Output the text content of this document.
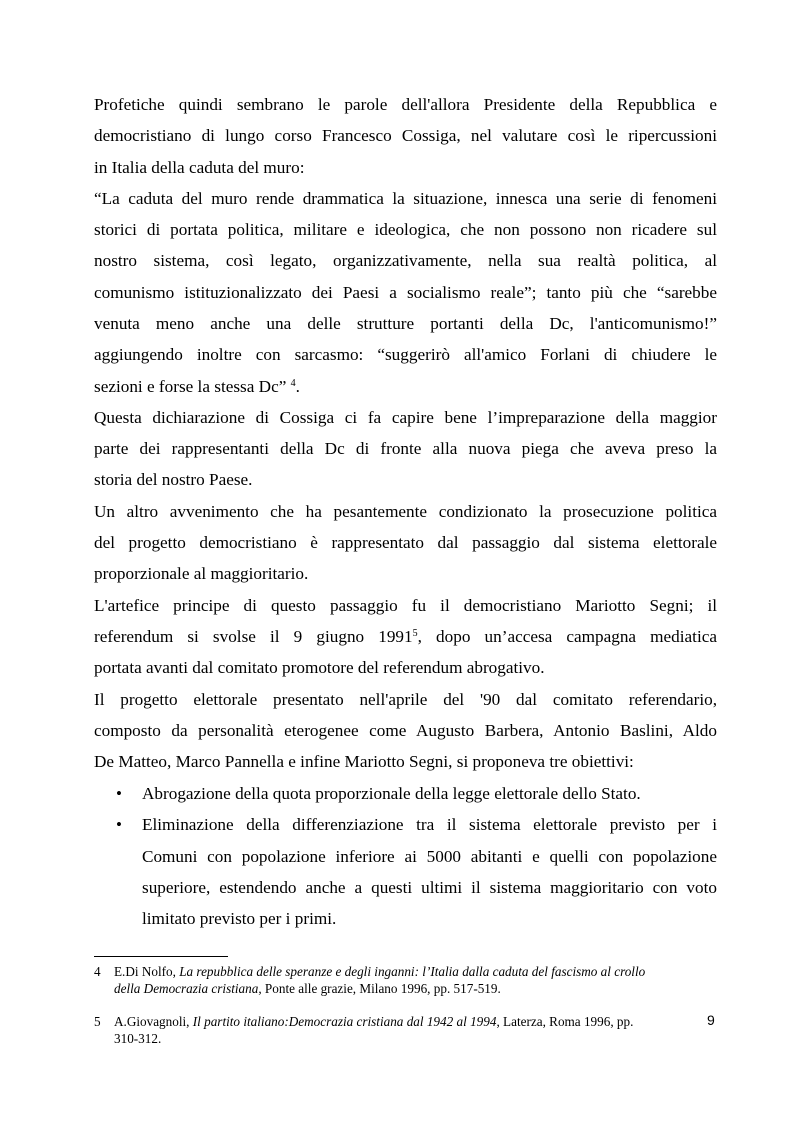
Profetiche quindi sembrano le parole dell'allora Presidente della Repubblica e
democristiano di lungo corso Francesco Cossiga, nel valutare così le ripercussioni
in Italia della caduta del muro:
“La caduta del muro rende drammatica la situazione, innesca una serie di fenomeni
storici di portata politica, militare e ideologica, che non possono non ricadere sul
nostro sistema, così legato, organizzativamente, nella sua realtà politica, al
comunismo istituzionalizzato dei Paesi a socialismo reale”; tanto più che “sarebbe
venuta meno anche una delle strutture portanti della Dc, l'anticomunismo!”
aggiungendo inoltre con sarcasmo: “suggerirò all'amico Forlani di chiudere le
sezioni e forse la stessa Dc” $^4$.
Questa dichiarazione di Cossiga ci fa capire bene l’impreparazione della maggior
parte dei rappresentanti della Dc di fronte alla nuova piega che aveva preso la
storia del nostro Paese.
Un altro avvenimento che ha pesantemente condizionato la prosecuzione politica
del progetto democristiano è rappresentato dal passaggio dal sistema elettorale
proporzionale al maggioritario.
L'artefice principe di questo passaggio fu il democristiano Mariotto Segni; il
referendum si svolse il 9 giugno 1991$^5$, dopo un’accesa campagna mediatica
portata avanti dal comitato promotore del referendum abrogativo.
Il progetto elettorale presentato nell'aprile del '90 dal comitato referendario,
composto da personalità eterogenee come Augusto Barbera, Antonio Baslini, Aldo
De Matteo, Marco Pannella e infine Mariotto Segni, si proponeva tre obiettivi:
• Abrogazione della quota proporzionale della legge elettorale dello Stato.
• Eliminazione della differenziazione tra il sistema elettorale previsto per i
Comuni con popolazione inferiore ai 5000 abitanti e quelli con popolazione
superiore, estendendo anche a questi ultimi il sistema maggioritario con voto
limitato previsto per i primi.
4 E.Di Nolfo, La repubblica delle speranze e degli inganni: l’Italia dalla caduta del fascismo al crollo
della Democrazia cristiana, Ponte alle grazie, Milano 1996, pp. 517-519.
5 A.Giovagnoli, Il partito italiano:Democrazia cristiana dal 1942 al 1994, Laterza, Roma 1996, pp.
310-312.
9
